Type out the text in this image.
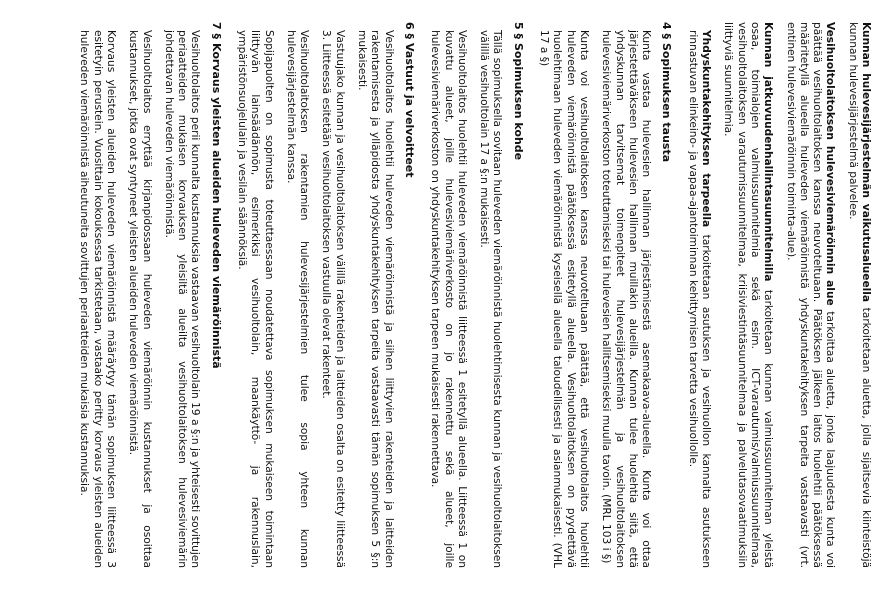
Kunnan hulevesijärjestelmän vaikutusalueella tarkoitetaan aluetta, jolla sijaitsevia kiinteistöjä kunnan hulevesijärjestelmä palvelee.

Vesihuoltolaitoksen hulevesiviemäröinnin alue tarkoittaa aluetta, jonka laajuudesta kunta voi päättää vesihuoltolaitoksen kanssa neuvoteltuaan. Päätöksen jälkeen laitos huolehtii päätöksessä määritetyllä alueella huleveden viemäröinnistä yhdyskuntakehityksen tarpeita vastaavasti (vrt. entinen hulevesiviemäröinnin toiminta-alue).

Kunnan jatkuvuudenhallintasuunnitelmilla tarkoitetaan kunnan valmiussuunnitelman yleistä osaa, toimialojen valmiussuunnitelmia sekä esim. ICT-varautumis/valmiussuunnitelmaa, vesihuoltolaitoksen varautumissuunnitelmaa, kriisiviestintäsuunnitelmaa ja palvelutasovaatimuksiin liittyviä suunnitelmia.

Yhdyskuntakehityksen tarpeella tarkoitetaan asutuksen ja vesihuollon kannalta asutukseen rinnastuvan elinkeino- ja vapaa-ajantoiminnan kehittymisen tarvetta vesihuollolle.

4 §Sopimuksen tausta

Kunta vastaa hulevesien hallinnan järjestämisestä asemakaava-alueella. Kunta voi ottaa järjestettäväkseen hulevesien hallinnan muillakin alueilla. Kunnan tulee huolehtia siitä, että yhdyskunnan tarvitsemat toimenpiteet hulevesijärjestelmän ja vesihuoltolaitoksen hulevesiviemäriverkoston toteuttamiseksi tai hulevesien hallitsemiseksi muulla tavoin. (MRL 103 i §)

Kunta voi vesihuoltolaitoksen kanssa neuvoteltuaan päättää, että vesihuoltolaitos huolehtii huleveden viemäröinnistä päätöksessä esitetyllä alueella. Vesihuoltolaitoksen on pyydettävä huolehtimaan huleveden viemäröinnistä kyseisellä alueella taloudellisesti ja asianmukaisesti. (VHL 17 a §)

5 §Sopimuksen kohde

Tällä sopimuksella sovitaan huleveden viemäröinnistä huolehtimisesta kunnan ja vesihuoltolaitoksen välillä vesihuoltolain 17 a §:n mukaisesti.

Vesihuoltolaitos huolehtii huleveden viemäröinnistä liitteessä 1 esitetyllä alueella. Liitteessä 1 on kuvattu alueet, joille hulevesiviemäriverkosto on jo rakennettu sekä alueet, joille hulevesiviemäriverkoston on yhdyskuntakehityksen tarpeen mukaisesti rakennettava.

6 §Vastuut ja velvoitteet

Vesihuoltolaitos huolehtii huleveden viemäröinnistä ja siihen liittyvien rakenteiden ja laitteiden rakentamisesta ja ylläpidosta yhdyskuntakehityksen tarpeita vastaavasti tämän sopimuksen 5 §:n mukaisesti.

Vastuujako kunnan ja vesihuoltolaitoksen välillä rakenteiden ja laitteiden osalta on esitetty liitteessä 3. Liitteessä esitetään vesihuoltolaitoksen vastuulla olevat rakenteet.

Vesihuoltolaitoksen rakentamien hulevesijärjestelmien tulee sopia yhteen kunnan hulevesijärjestelmän kanssa.

Sopijapuolten on sopimusta toteuttaessaan noudatettava sopimuksen mukaiseen toimintaan liittyvän lainsäädännön, esimerkiksi vesihuoltolain, maankäyttö- ja rakennuslain, ympäristönsuojelulain ja vesilain säännöksiä.

7 §Korvaus yleisten alueiden huleveden viemäröinnistä

Vesihuoltolaitos perii kunnalta kustannuksia vastaavan vesihuoltolain 19 a §:n ja yhteisesti sovittujen periaatteiden mukaisen korvauksen yleisiltä alueilta vesihuoltolaitoksen hulevesiviemärin johdettavan huleveden viemäröinnistä.

Vesihuoltolaitos erryttää kirjanpidossaan huleveden viemäröinnin kustannukset ja osoittaa kustannukset, jotka ovat syntyneet yleisten alueiden huleveden viemäröinnistä.

Korvaus yleisten alueiden huleveden viemäröinnistä määräytyy tämän sopimuksen liitteessä 3 esitetyin perustein. Vuosittain kokouksessa tarkistetaan, vastaako peritty korvaus yleisten alueiden huleveden viemäröinnistä aiheutuneita sovittujen periaatteiden mukaisia kustannuksia.
